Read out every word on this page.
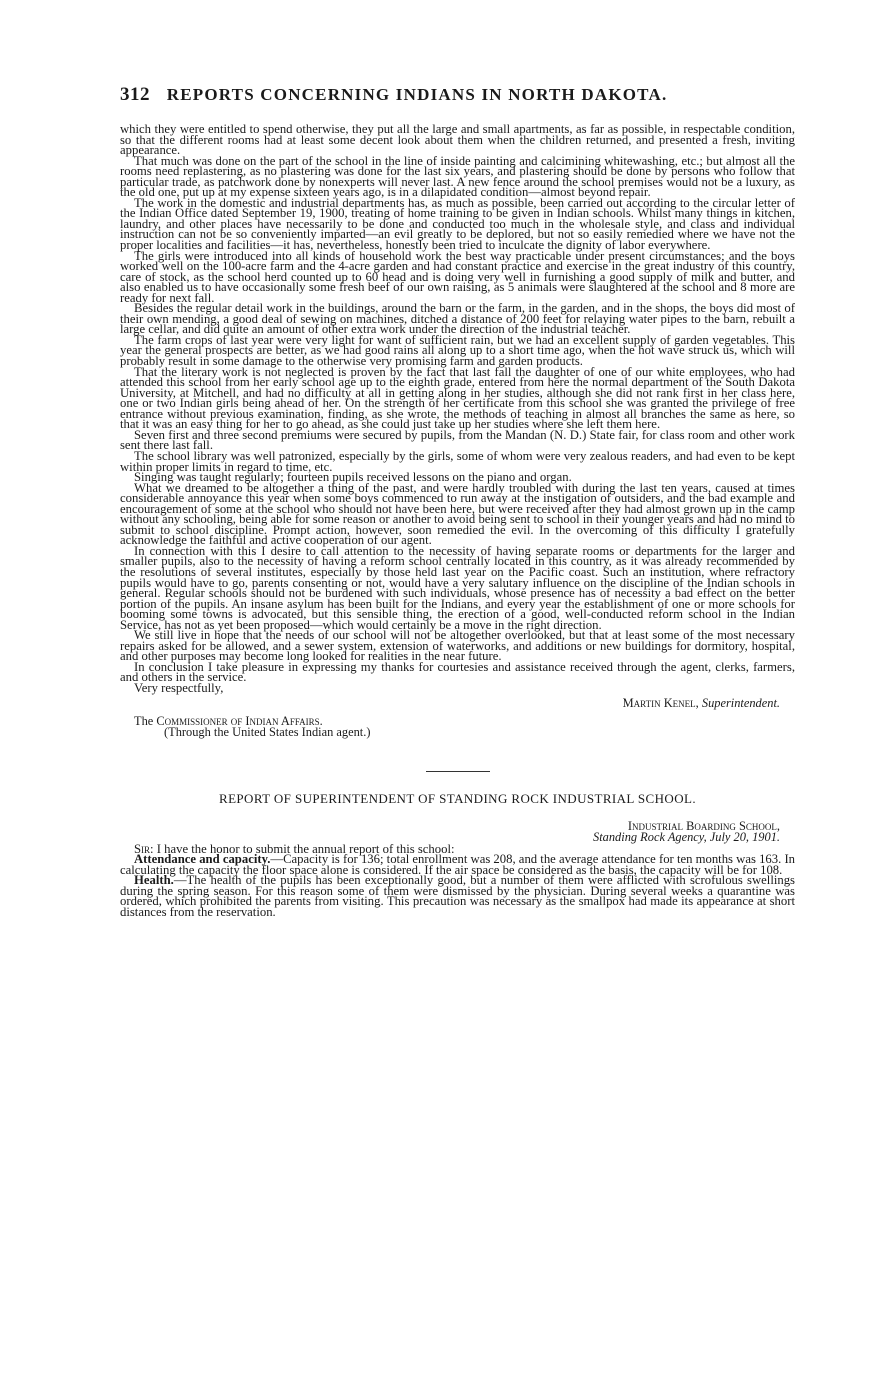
312 REPORTS CONCERNING INDIANS IN NORTH DAKOTA.

which they were entitled to spend otherwise, they put all the large and small apartments, as far as possible, in respectable condition, so that the different rooms had at least some decent look about them when the children returned, and presented a fresh, inviting appearance.

That much was done on the part of the school in the line of inside painting and calcimining whitewashing, etc.; but almost all the rooms need replastering, as no plastering was done for the last six years, and plastering should be done by persons who follow that particular trade, as patchwork done by nonexperts will never last. A new fence around the school premises would not be a luxury, as the old one, put up at my expense sixteen years ago, is in a dilapidated condition—almost beyond repair.

The work in the domestic and industrial departments has, as much as possible, been carried out according to the circular letter of the Indian Office dated September 19, 1900, treating of home training to be given in Indian schools. Whilst many things in kitchen, laundry, and other places have necessarily to be done and conducted too much in the wholesale style, and class and individual instruction can not be so conveniently imparted—an evil greatly to be deplored, but not so easily remedied where we have not the proper localities and facilities—it has, nevertheless, honestly been tried to inculcate the dignity of labor everywhere.

The girls were introduced into all kinds of household work the best way practicable under present circumstances; and the boys worked well on the 100-acre farm and the 4-acre garden and had constant practice and exercise in the great industry of this country, care of stock, as the school herd counted up to 60 head and is doing very well in furnishing a good supply of milk and butter, and also enabled us to have occasionally some fresh beef of our own raising, as 5 animals were slaughtered at the school and 8 more are ready for next fall.

Besides the regular detail work in the buildings, around the barn or the farm, in the garden, and in the shops, the boys did most of their own mending, a good deal of sewing on machines, ditched a distance of 200 feet for relaying water pipes to the barn, rebuilt a large cellar, and did quite an amount of other extra work under the direction of the industrial teacher.

The farm crops of last year were very light for want of sufficient rain, but we had an excellent supply of garden vegetables. This year the general prospects are better, as we had good rains all along up to a short time ago, when the hot wave struck us, which will probably result in some damage to the otherwise very promising farm and garden products.

That the literary work is not neglected is proven by the fact that last fall the daughter of one of our white employees, who had attended this school from her early school age up to the eighth grade, entered from here the normal department of the South Dakota University, at Mitchell, and had no difficulty at all in getting along in her studies, although she did not rank first in her class here, one or two Indian girls being ahead of her. On the strength of her certificate from this school she was granted the privilege of free entrance without previous examination, finding, as she wrote, the methods of teaching in almost all branches the same as here, so that it was an easy thing for her to go ahead, as she could just take up her studies where she left them here.

Seven first and three second premiums were secured by pupils, from the Mandan (N. D.) State fair, for class room and other work sent there last fall.

The school library was well patronized, especially by the girls, some of whom were very zealous readers, and had even to be kept within proper limits in regard to time, etc.

Singing was taught regularly; fourteen pupils received lessons on the piano and organ.

What we dreamed to be altogether a thing of the past, and were hardly troubled with during the last ten years, caused at times considerable annoyance this year when some boys commenced to run away at the instigation of outsiders, and the bad example and encouragement of some at the school who should not have been here, but were received after they had almost grown up in the camp without any schooling, being able for some reason or another to avoid being sent to school in their younger years and had no mind to submit to school discipline. Prompt action, however, soon remedied the evil. In the overcoming of this difficulty I gratefully acknowledge the faithful and active cooperation of our agent.

In connection with this I desire to call attention to the necessity of having separate rooms or departments for the larger and smaller pupils, also to the necessity of having a reform school centrally located in this country, as it was already recommended by the resolutions of several institutes, especially by those held last year on the Pacific coast. Such an institution, where refractory pupils would have to go, parents consenting or not, would have a very salutary influence on the discipline of the Indian schools in general. Regular schools should not be burdened with such individuals, whose presence has of necessity a bad effect on the better portion of the pupils. An insane asylum has been built for the Indians, and every year the establishment of one or more schools for booming some towns is advocated, but this sensible thing, the erection of a good, well-conducted reform school in the Indian Service, has not as yet been proposed—which would certainly be a move in the right direction.

We still live in hope that the needs of our school will not be altogether overlooked, but that at least some of the most necessary repairs asked for be allowed, and a sewer system, extension of waterworks, and additions or new buildings for dormitory, hospital, and other purposes may become long looked for realities in the near future.

In conclusion I take pleasure in expressing my thanks for courtesies and assistance received through the agent, clerks, farmers, and others in the service.

Very respectfully,

Martin Kenel, Superintendent.
The Commissioner of Indian Affairs.
(Through the United States Indian agent.)
REPORT OF SUPERINTENDENT OF STANDING ROCK INDUSTRIAL SCHOOL.
Industrial Boarding School,
Standing Rock Agency, July 20, 1901.

Sir: I have the honor to submit the annual report of this school:

Attendance and capacity.—Capacity is for 136; total enrollment was 208, and the average attendance for ten months was 163. In calculating the capacity the floor space alone is considered. If the air space be considered as the basis, the capacity will be for 108.

Health.—The health of the pupils has been exceptionally good, but a number of them were afflicted with scrofulous swellings during the spring season. For this reason some of them were dismissed by the physician. During several weeks a quarantine was ordered, which prohibited the parents from visiting. This precaution was necessary as the smallpox had made its appearance at short distances from the reservation.
